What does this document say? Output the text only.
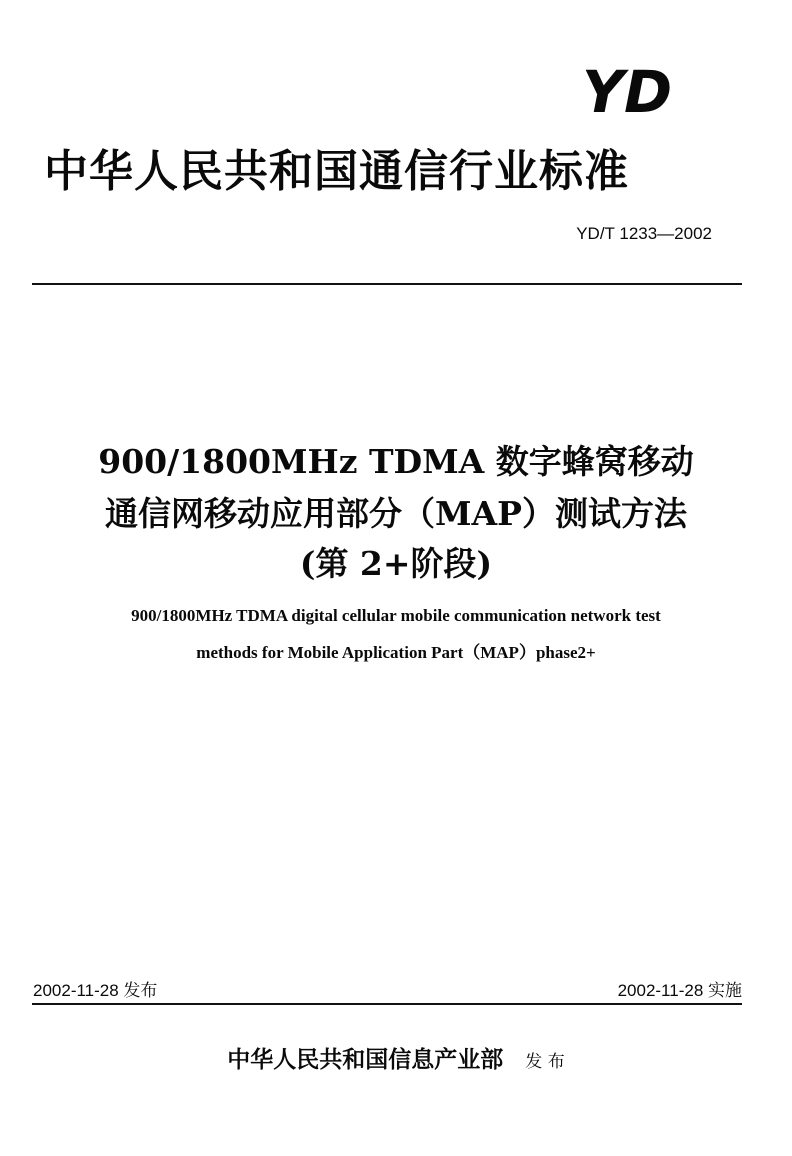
YD
中华人民共和国通信行业标准
YD/T 1233—2002
900/1800MHz TDMA 数字蜂窝移动
通信网移动应用部分（MAP）测试方法
(第 2+阶段)
900/1800MHz TDMA digital cellular mobile communication network test
methods for Mobile Application Part（MAP）phase2+
2002-11-28 发布	2002-11-28 实施
中华人民共和国信息产业部 发 布
